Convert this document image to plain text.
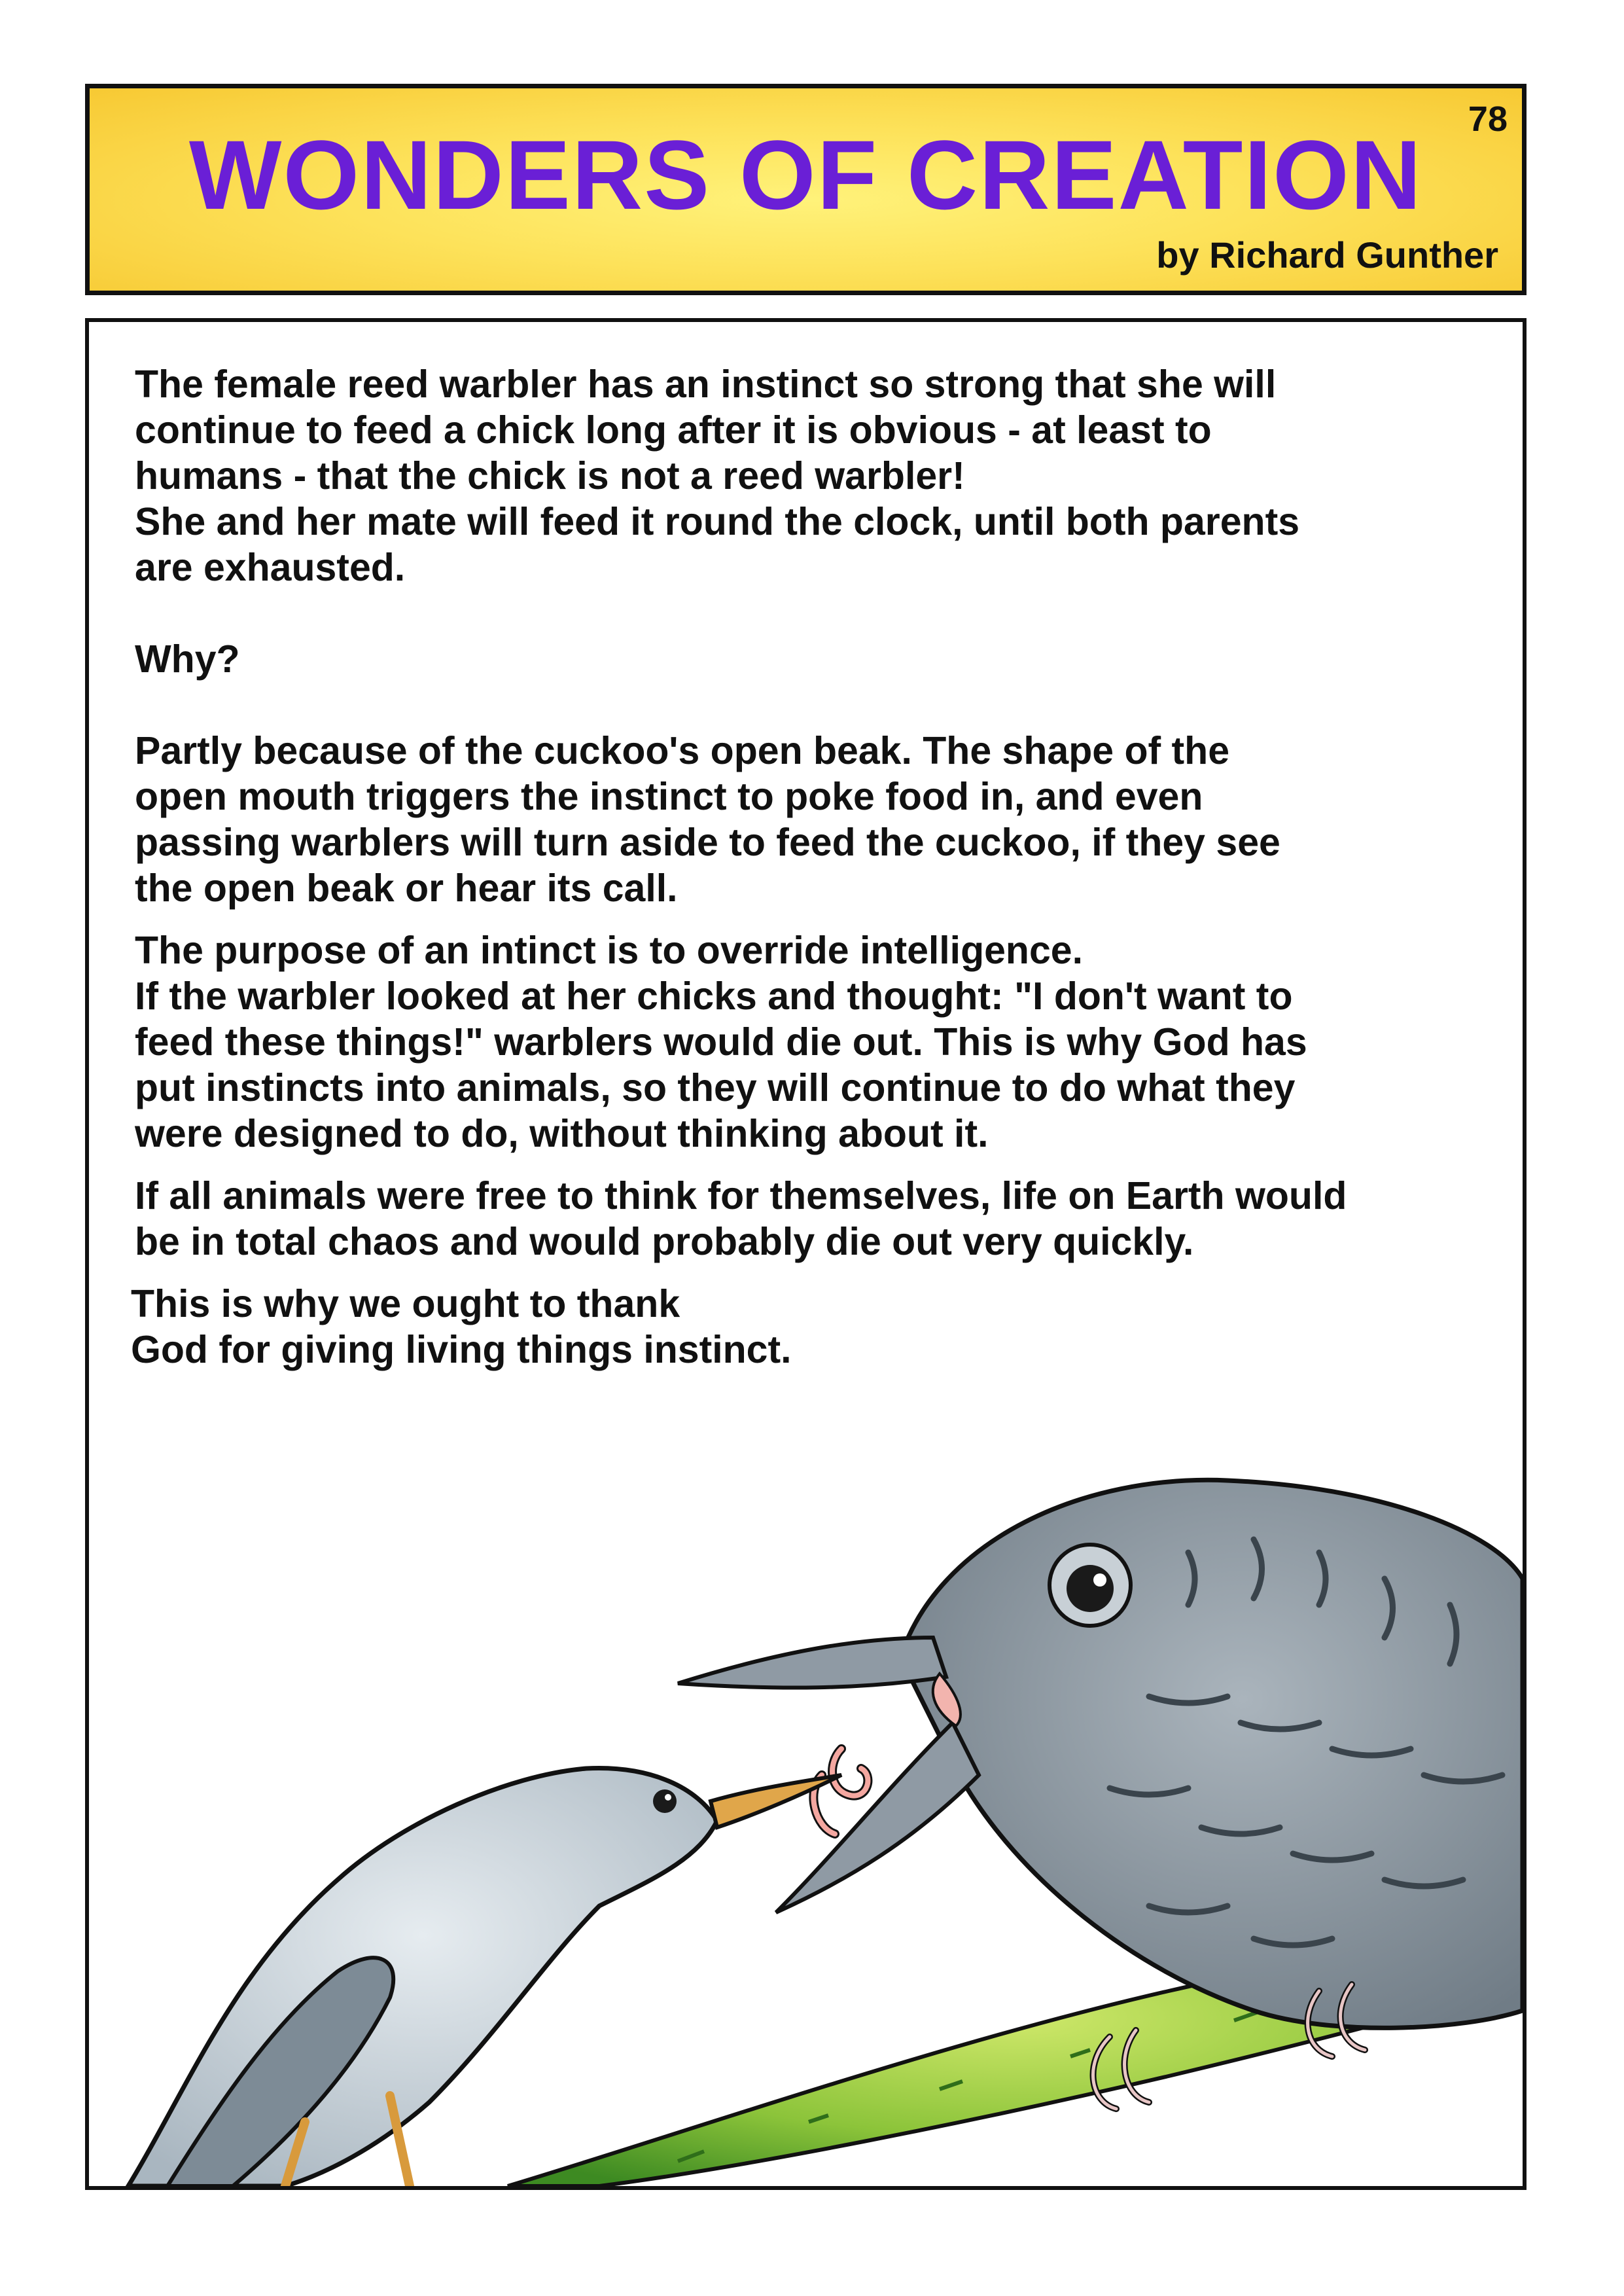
WONDERS OF CREATION
78
by Richard Gunther

The female reed warbler has an instinct so strong that she will
continue to feed a chick long after it is obvious - at least to
humans - that the chick is not a reed warbler!
She and her mate will feed it round the clock, until both parents
are exhausted.

Why?

Partly because of the cuckoo's open beak. The shape of the
open mouth triggers the instinct to poke food in, and even
passing warblers will turn aside to feed the cuckoo, if they see
the open beak or hear its call.

The purpose of an intinct is to override intelligence.
If the warbler looked at her chicks and thought: "I don't want to
feed these things!" warblers would die out. This is why God has
put instincts into animals, so they will continue to do what they
were designed to do, without thinking about it.

If all animals were free to think for themselves, life on Earth would
be in total chaos and would probably die out very quickly.

This is why we ought to thank
God for giving living things instinct.
